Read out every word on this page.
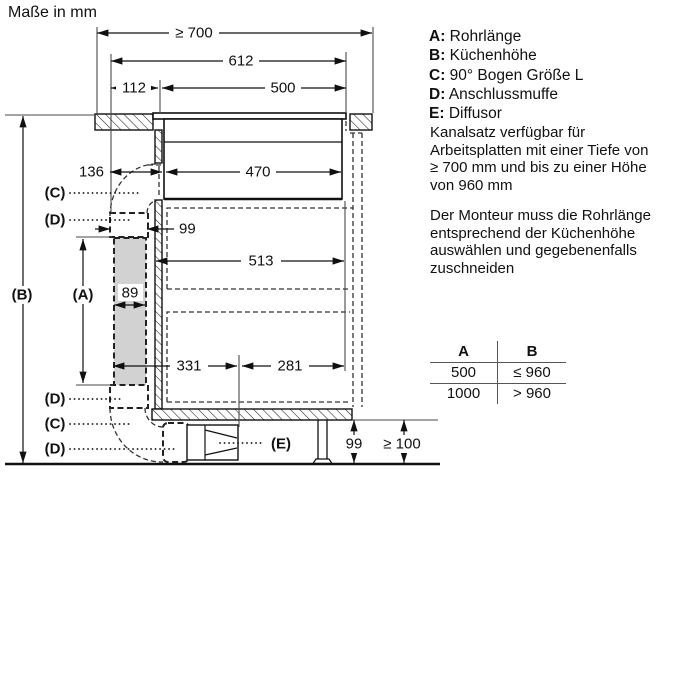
Maße in mm
≥ 700
612
112	500
136	470
99
513
89
331	281
99 ≥ 100
(B)	(A)
(C)
(D)
(D)
(C)
(D)	(E)
A: Rohrlänge
B: Küchenhöhe
C: 90° Bogen Größe L
D: Anschlussmuffe
E: Diffusor
Kanalsatz verfügbar für
Arbeitsplatten mit einer Tiefe von
≥ 700 mm und bis zu einer Höhe
von 960 mm
Der Monteur muss die Rohrlänge
entsprechend der Küchenhöhe
auswählen und gegebenenfalls
zuschneiden
A	B
500	≤ 960
1000	> 960
